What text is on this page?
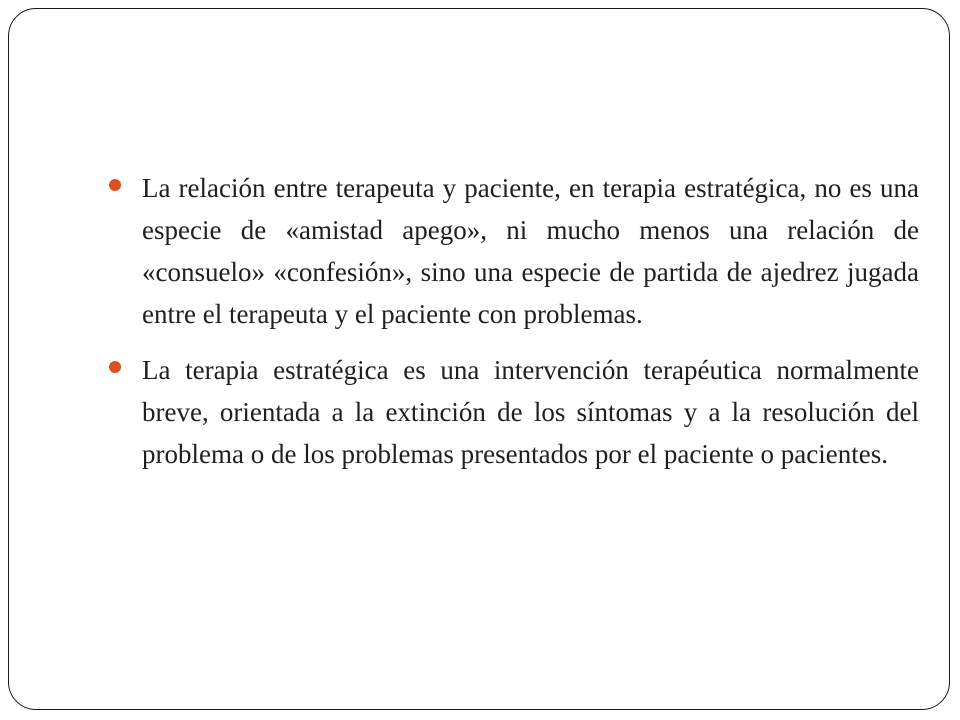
La relación entre terapeuta y paciente, en terapia estratégica, no es una especie de «amistad apego», ni mucho menos una relación de «consuelo» «confesión», sino una especie de partida de ajedrez jugada entre el terapeuta y el paciente con problemas.
La terapia estratégica es una intervención terapéutica normalmente breve, orientada a la extinción de los síntomas y a la resolución del problema o de los problemas presentados por el paciente o pacientes.
